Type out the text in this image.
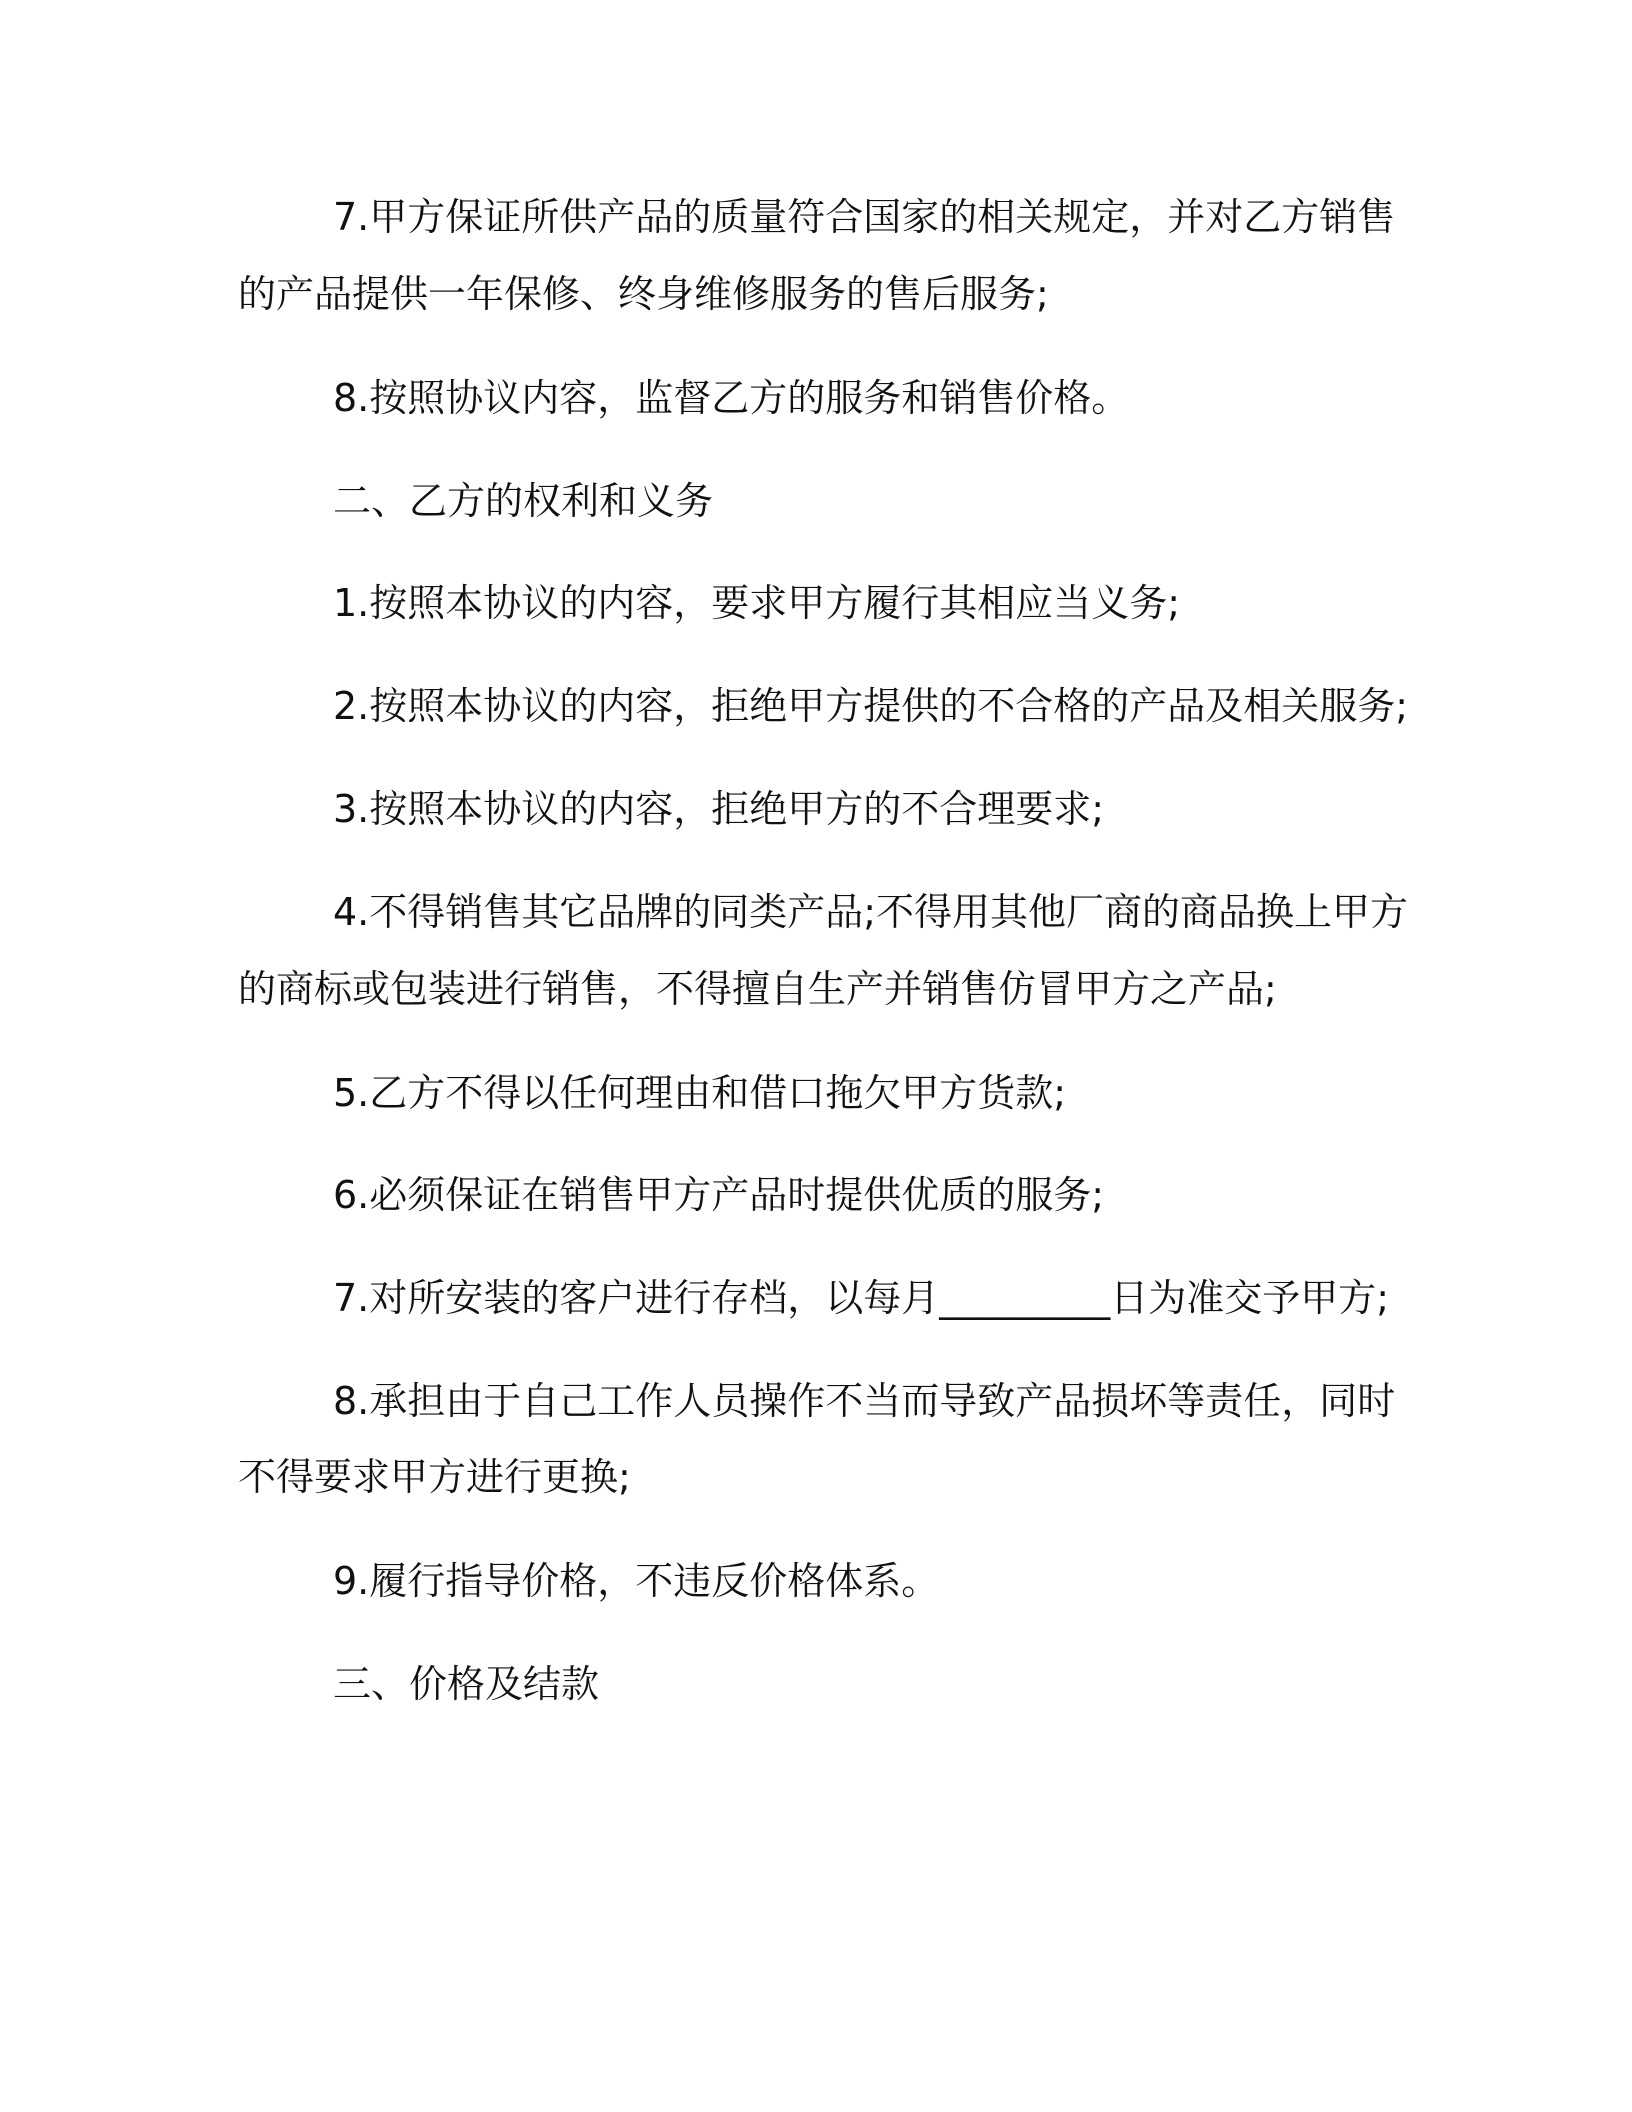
7.甲方保证所供产品的质量符合国家的相关规定，并对乙方销售
的产品提供一年保修、终身维修服务的售后服务;
8.按照协议内容，监督乙方的服务和销售价格。
二、乙方的权利和义务
1.按照本协议的内容，要求甲方履行其相应当义务;
2.按照本协议的内容，拒绝甲方提供的不合格的产品及相关服务;
3.按照本协议的内容，拒绝甲方的不合理要求;
4.不得销售其它品牌的同类产品;不得用其他厂商的商品换上甲方
的商标或包装进行销售，不得擅自生产并销售仿冒甲方之产品;
5.乙方不得以任何理由和借口拖欠甲方货款;
6.必须保证在销售甲方产品时提供优质的服务;
7.对所安装的客户进行存档，以每月_________日为准交予甲方;
8.承担由于自己工作人员操作不当而导致产品损坏等责任，同时
不得要求甲方进行更换;
9.履行指导价格，不违反价格体系。
三、价格及结款
